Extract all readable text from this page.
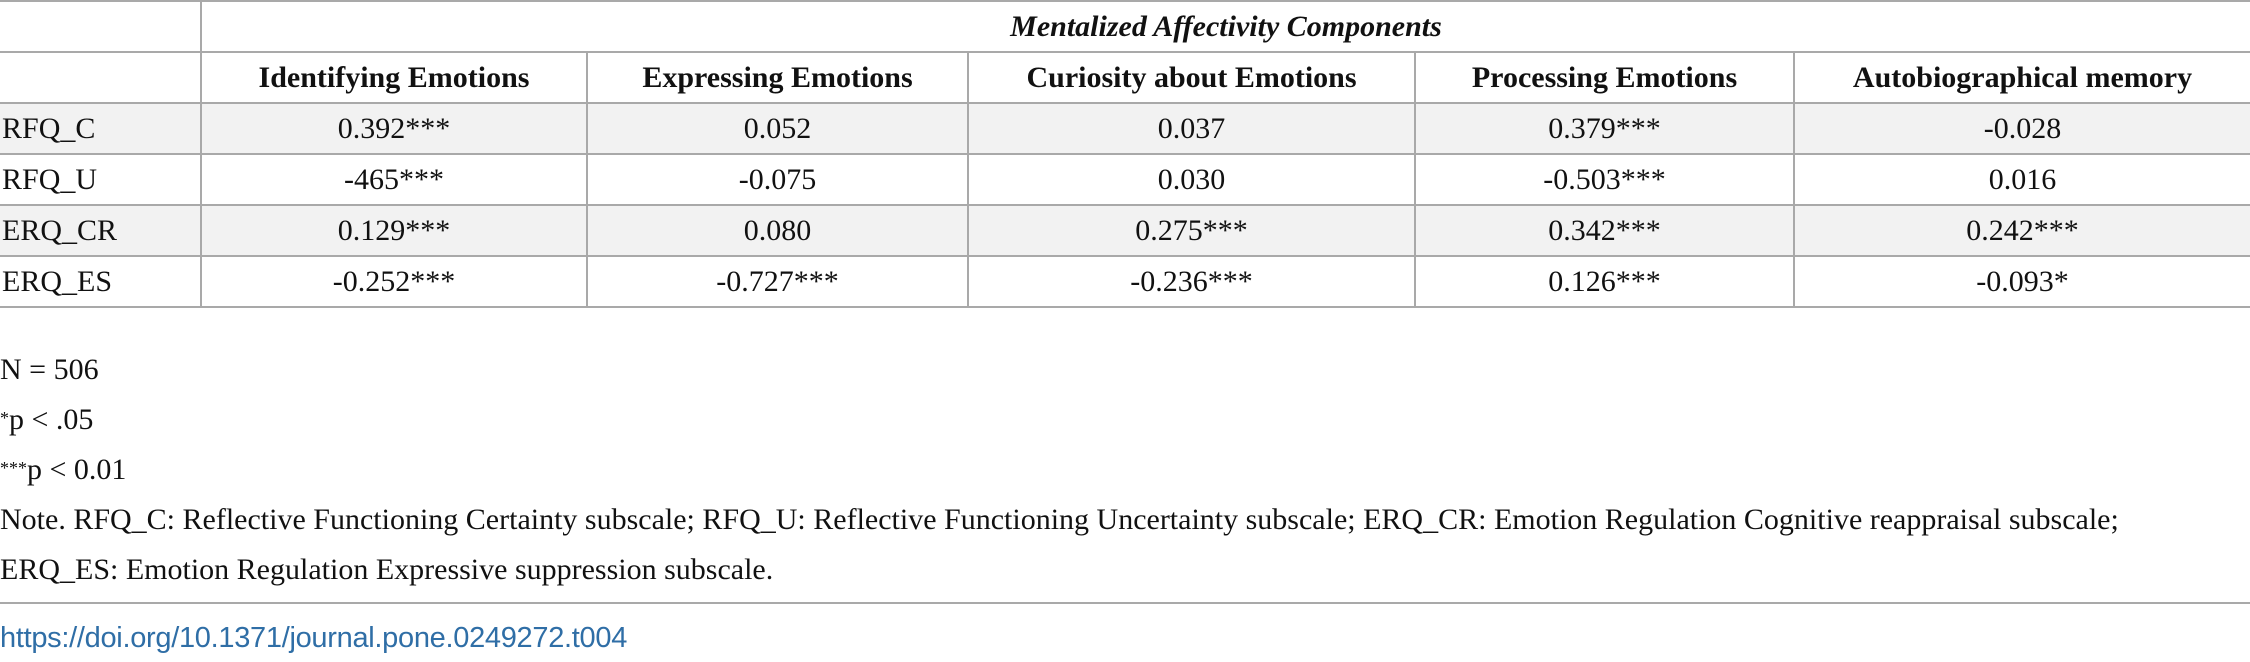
	Mentalized Affectivity Components				
	Identifying Emotions	Expressing Emotions	Curiosity about Emotions	Processing Emotions	Autobiographical memory
RFQ_C	0.392***	0.052	0.037	0.379***	-0.028
RFQ_U	-465***	-0.075	0.030	-0.503***	0.016
ERQ_CR	0.129***	0.080	0.275***	0.342***	0.242***
ERQ_ES	-0.252***	-0.727***	-0.236***	0.126***	-0.093*

N = 506

*p < .05

***p < 0.01

Note. RFQ_C: Reflective Functioning Certainty subscale; RFQ_U: Reflective Functioning Uncertainty subscale; ERQ_CR: Emotion Regulation Cognitive reappraisal subscale; ERQ_ES: Emotion Regulation Expressive suppression subscale.

https://doi.org/10.1371/journal.pone.0249272.t004
